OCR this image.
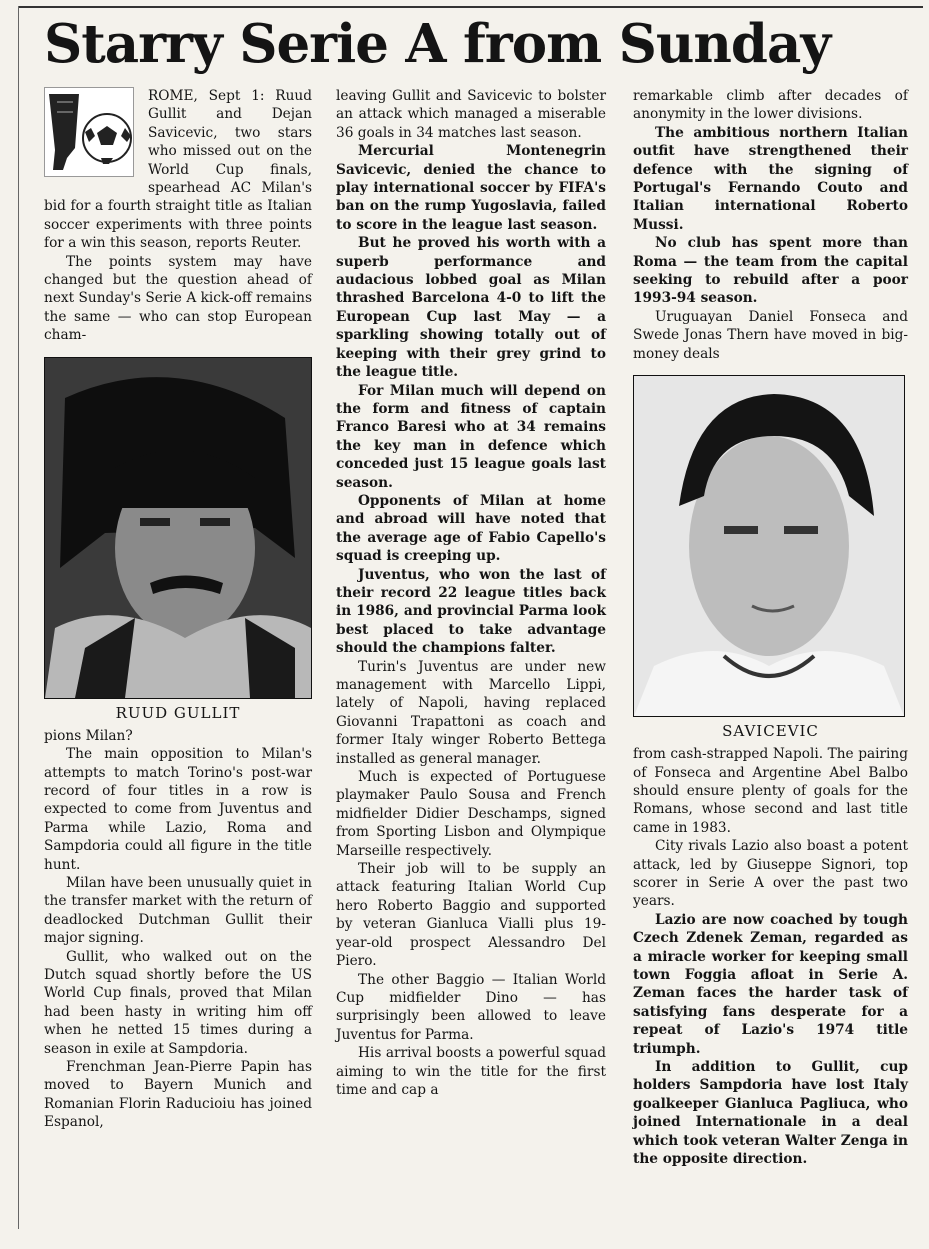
Starry Serie A from Sunday

ROME, Sept 1: Ruud Gullit and Dejan Savicevic, two stars who missed out on the World Cup finals, spearhead AC Milan's bid for a fourth straight title as Italian soccer experiments with three points for a win this season, reports Reuter.

The points system may have changed but the question ahead of next Sunday's Serie A kick-off remains the same — who can stop European cham-

RUUD GULLIT

pions Milan?

The main opposition to Milan's attempts to match Torino's post-war record of four titles in a row is expected to come from Juventus and Parma while Lazio, Roma and Sampdoria could all figure in the title hunt.

Milan have been unusually quiet in the transfer market with the return of deadlocked Dutchman Gullit their major signing.

Gullit, who walked out on the Dutch squad shortly before the US World Cup finals, proved that Milan had been hasty in writing him off when he netted 15 times during a season in exile at Sampdoria.

Frenchman Jean-Pierre Papin has moved to Bayern Munich and Romanian Florin Raducioiu has joined Espanol,

leaving Gullit and Savicevic to bolster an attack which managed a miserable 36 goals in 34 matches last season.

Mercurial Montenegrin Savicevic, denied the chance to play international soccer by FIFA's ban on the rump Yugoslavia, failed to score in the league last season.

But he proved his worth with a superb performance and audacious lobbed goal as Milan thrashed Barcelona 4-0 to lift the European Cup last May — a sparkling showing totally out of keeping with their grey grind to the league title.

For Milan much will depend on the form and fitness of captain Franco Baresi who at 34 remains the key man in defence which conceded just 15 league goals last season.

Opponents of Milan at home and abroad will have noted that the average age of Fabio Capello's squad is creeping up.

Juventus, who won the last of their record 22 league titles back in 1986, and provincial Parma look best placed to take advantage should the champions falter.

Turin's Juventus are under new management with Marcello Lippi, lately of Napoli, having replaced Giovanni Trapattoni as coach and former Italy winger Roberto Bettega installed as general manager.

Much is expected of Portuguese playmaker Paulo Sousa and French midfielder Didier Deschamps, signed from Sporting Lisbon and Olympique Marseille respectively.

Their job will to be supply an attack featuring Italian World Cup hero Roberto Baggio and supported by veteran Gianluca Vialli plus 19-year-old prospect Alessandro Del Piero.

The other Baggio — Italian World Cup midfielder Dino — has surprisingly been allowed to leave Juventus for Parma.

His arrival boosts a powerful squad aiming to win the title for the first time and cap a

remarkable climb after decades of anonymity in the lower divisions.

The ambitious northern Italian outfit have strengthened their defence with the signing of Portugal's Fernando Couto and Italian international Roberto Mussi.

No club has spent more than Roma — the team from the capital seeking to rebuild after a poor 1993-94 season.

Uruguayan Daniel Fonseca and Swede Jonas Thern have moved in big-money deals

SAVICEVIC

from cash-strapped Napoli. The pairing of Fonseca and Argentine Abel Balbo should ensure plenty of goals for the Romans, whose second and last title came in 1983.

City rivals Lazio also boast a potent attack, led by Giuseppe Signori, top scorer in Serie A over the past two years.

Lazio are now coached by tough Czech Zdenek Zeman, regarded as a miracle worker for keeping small town Foggia afloat in Serie A. Zeman faces the harder task of satisfying fans desperate for a repeat of Lazio's 1974 title triumph.

In addition to Gullit, cup holders Sampdoria have lost Italy goalkeeper Gianluca Pagliuca, who joined Internationale in a deal which took veteran Walter Zenga in the opposite direction.
